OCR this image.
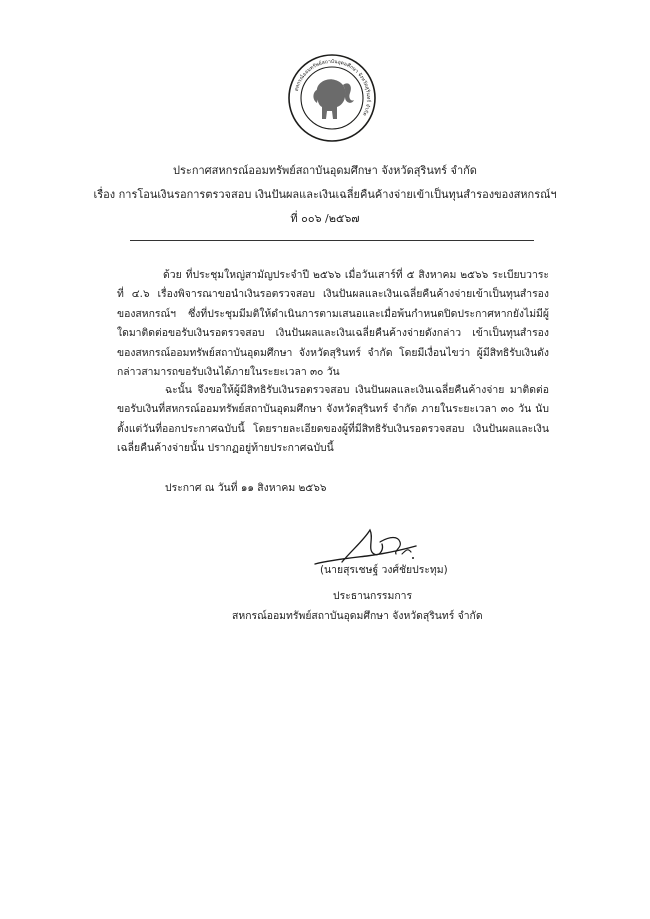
สหกรณ์ออมทรัพย์สถาบันอุดมศึกษา จังหวัดสุรินทร์ จำกัด
ประกาศสหกรณ์ออมทรัพย์สถาบันอุดมศึกษา จังหวัดสุรินทร์ จำกัด
เรื่อง การโอนเงินรอการตรวจสอบ เงินปันผลและเงินเฉลี่ยคืนค้างจ่ายเข้าเป็นทุนสำรองของสหกรณ์ฯ
ที่ ๐๐๖ /๒๕๖๗

ด้วย ที่ประชุมใหญ่สามัญประจำปี ๒๕๖๖ เมื่อวันเสาร์ที่ ๕ สิงหาคม ๒๕๖๖ ระเบียบวาระที่ ๔.๖ เรื่องพิจารณาขอนำเงินรอตรวจสอบ เงินปันผลและเงินเฉลี่ยคืนค้างจ่ายเข้าเป็นทุนสำรองของสหกรณ์ฯ ซึ่งที่ประชุมมีมติให้ดำเนินการตามเสนอและเมื่อพ้นกำหนดปิดประกาศหากยังไม่มีผู้ใดมาติดต่อขอรับเงินรอตรวจสอบ เงินปันผลและเงินเฉลี่ยคืนค้างจ่ายดังกล่าว เข้าเป็นทุนสำรองของสหกรณ์ออมทรัพย์สถาบันอุดมศึกษา จังหวัดสุรินทร์ จำกัด โดยมีเงื่อนไขว่า ผู้มีสิทธิรับเงินดังกล่าวสามารถขอรับเงินได้ภายในระยะเวลา ๓๐ วัน

ฉะนั้น จึงขอให้ผู้มีสิทธิรับเงินรอตรวจสอบ เงินปันผลและเงินเฉลี่ยคืนค้างจ่าย มาติดต่อขอรับเงินที่สหกรณ์ออมทรัพย์สถาบันอุดมศึกษา จังหวัดสุรินทร์ จำกัด ภายในระยะเวลา ๓๐ วัน นับตั้งแต่วันที่ออกประกาศฉบับนี้ โดยรายละเอียดของผู้ที่มีสิทธิรับเงินรอตรวจสอบ เงินปันผลและเงินเฉลี่ยคืนค้างจ่ายนั้น ปรากฏอยู่ท้ายประกาศฉบับนี้

ประกาศ ณ วันที่ ๑๑ สิงหาคม ๒๕๖๖
(นายสุรเชษฐ์ วงศ์ชัยประทุม)
ประธานกรรมการ
สหกรณ์ออมทรัพย์สถาบันอุดมศึกษา จังหวัดสุรินทร์ จำกัด
